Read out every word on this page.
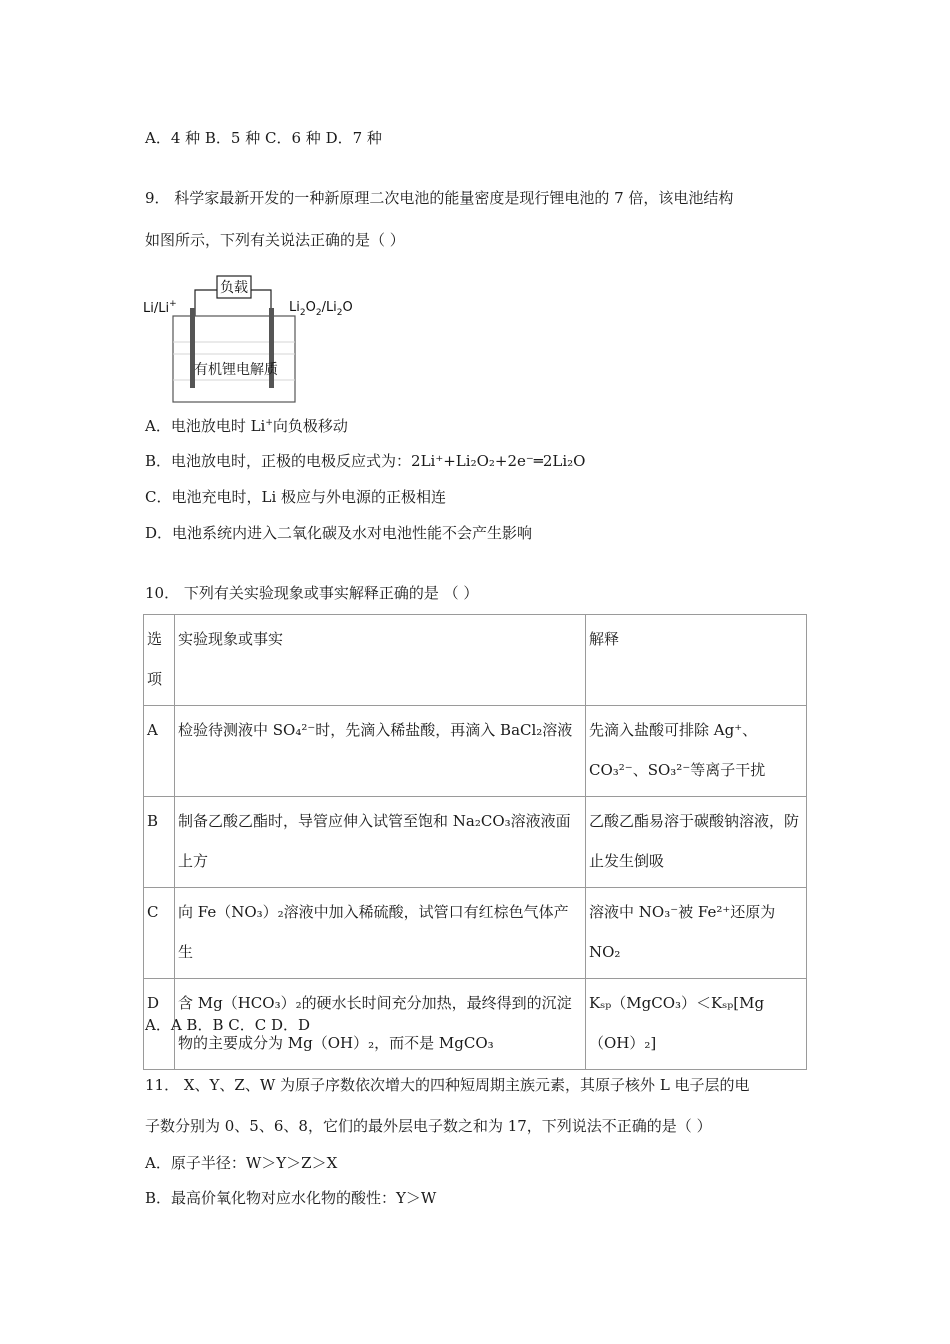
A．4 种 B．5 种 C．6 种 D．7 种
9． 科学家最新开发的一种新原理二次电池的能量密度是现行锂电池的 7 倍，该电池结构
如图所示，下列有关说法正确的是（ ）
负载
Li/Li+	$Li_2O_2/Li_2O$
有机锂电解质
A．电池放电时 Li+向负极移动
B．电池放电时，正极的电极反应式为：2Li⁺+Li₂O₂+2e⁻═2Li₂O
C．电池充电时，Li 极应与外电源的正极相连
D．电池系统内进入二氧化碳及水对电池性能不会产生影响
10． 下列有关实验现象或事实解释正确的是 （ ）
选项	实验现象或事实	解释
A	检验待测液中 SO₄²⁻时，先滴入稀盐酸，再滴入 BaCl₂溶液	先滴入盐酸可排除 Ag⁺、CO₃²⁻、SO₃²⁻等离子干扰
B	制备乙酸乙酯时，导管应伸入试管至饱和 Na₂CO₃溶液液面上方	乙酸乙酯易溶于碳酸钠溶液，防止发生倒吸
C	向 Fe（NO₃）₂溶液中加入稀硫酸，试管口有红棕色气体产生	溶液中 NO₃⁻被 Fe²⁺还原为 NO₂
D	含 Mg（HCO₃）₂的硬水长时间充分加热，最终得到的沉淀物的主要成分为 Mg（OH）₂，而不是 MgCO₃	Kₛₚ（MgCO₃）＜Kₛₚ[Mg（OH）₂]
A．A B．B C．C D．D
11． X、Y、Z、W 为原子序数依次增大的四种短周期主族元素，其原子核外 L 电子层的电
子数分别为 0、5、6、8，它们的最外层电子数之和为 17，下列说法不正确的是（ ）
A．原子半径：W＞Y＞Z＞X
B．最高价氧化物对应水化物的酸性：Y＞W
